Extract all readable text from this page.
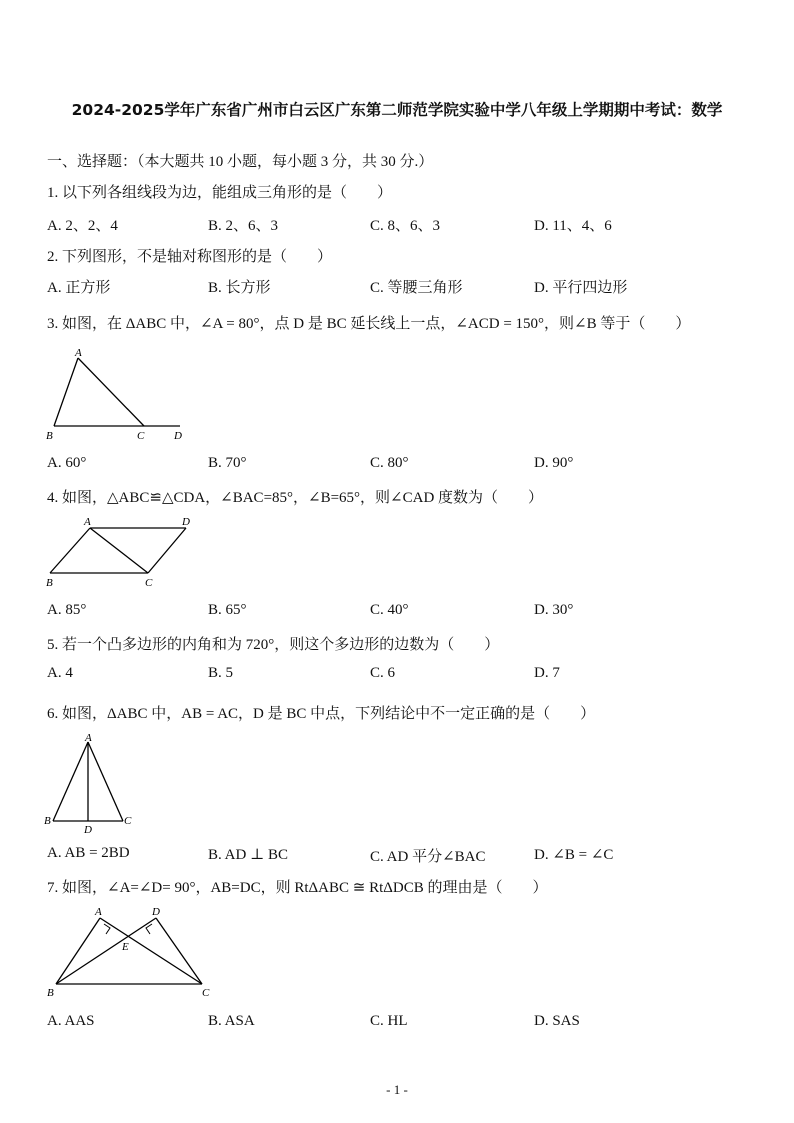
2024-2025学年广东省广州市白云区广东第二师范学院实验中学八年级上学期期中考试：数学
一、选择题：（本大题共 10 小题，每小题 3 分，共 30 分.）
1. 以下列各组线段为边，能组成三角形的是（　　）
A. 2、2、4	B. 2、6、3	C. 8、6、3	D. 11、4、6
2. 下列图形，不是轴对称图形的是（　　）
A. 正方形	B. 长方形	C. 等腰三角形	D. 平行四边形
3. 如图，在 ΔABC 中，∠A = 80°，点 D 是 BC 延长线上一点，∠ACD = 150°，则∠B 等于（　　）
A
B	C	D
A. 60°	B. 70°	C. 80°	D. 90°
4. 如图，△ABC≌△CDA，∠BAC=85°，∠B=65°，则∠CAD 度数为（　　）
A	D
B	C
A. 85°	B. 65°	C. 40°	D. 30°
5. 若一个凸多边形的内角和为 720°，则这个多边形的边数为（　　）
A. 4	B. 5	C. 6	D. 7
6. 如图，ΔABC 中，AB = AC，D 是 BC 中点，下列结论中不一定正确的是（　　）
A
B
D
C
A. AB = 2BD	B. AD ⊥ BC	C. AD 平分∠BAC	D. ∠B = ∠C
7. 如图，∠A=∠D= 90°，AB=DC，则 RtΔABC ≅ RtΔDCB 的理由是（　　）
A	D
E
B	C
A. AAS	B. ASA	C. HL	D. SAS
- 1 -
